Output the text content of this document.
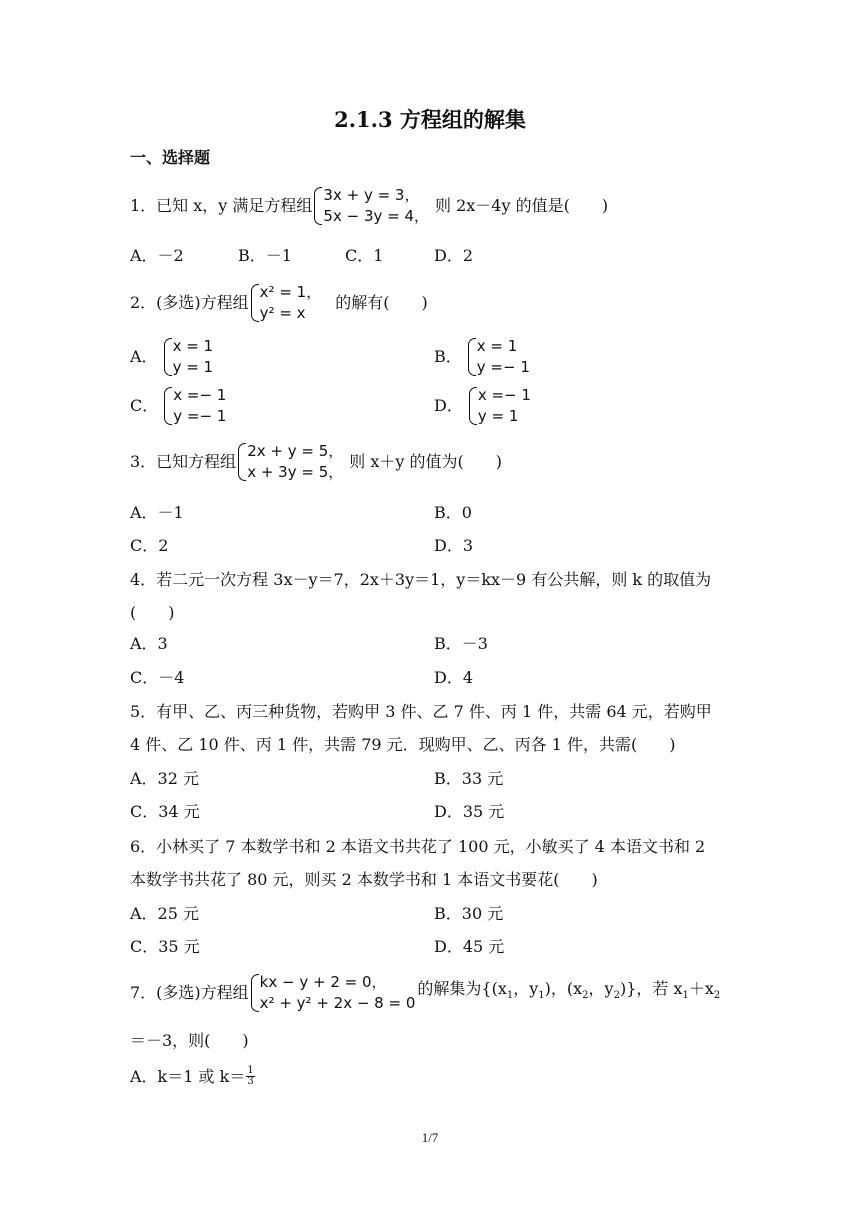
2.1.3 方程组的解集
一、选择题
1．已知 x，y 满足方程组
3x + y = 3，
5x − 3y = 4，
则 2x－4y 的值是(　　)
A．－2	B．－1	C．1	D．2
2．(多选)方程组
x² = 1，
y² = x
的解有(　　)
A．
x = 1
y = 1
B．
x = 1
y =− 1
C．
x =− 1
y =− 1
D．
x =− 1
y = 1
3．已知方程组
2x + y = 5，
x + 3y = 5，
则 x＋y 的值为(　　)
A．－1	B．0
C．2	D．3
4．若二元一次方程 3x－y＝7，2x＋3y＝1，y＝kx－9 有公共解，则 k 的取值为
(　　)
A．3	B．－3
C．－4	D．4
5．有甲、乙、丙三种货物，若购甲 3 件、乙 7 件、丙 1 件，共需 64 元，若购甲
4 件、乙 10 件、丙 1 件，共需 79 元．现购甲、乙、丙各 1 件，共需(　　)
A．32 元	B．33 元
C．34 元	D．35 元
6．小林买了 7 本数学书和 2 本语文书共花了 100 元，小敏买了 4 本语文书和 2
本数学书共花了 80 元，则买 2 本数学书和 1 本语文书要花(　　)
A．25 元	B．30 元
C．35 元	D．45 元
7．(多选)方程组
kx − y + 2 = 0，
x² + y² + 2x − 8 = 0
的解集为{($x_1$，$y_1$)，($x_2$，$y_2$)}，若 $x_1+x_2$
＝－3，则(　　)
A．k＝1 或 $k= \frac{1}{3}$
1/7
